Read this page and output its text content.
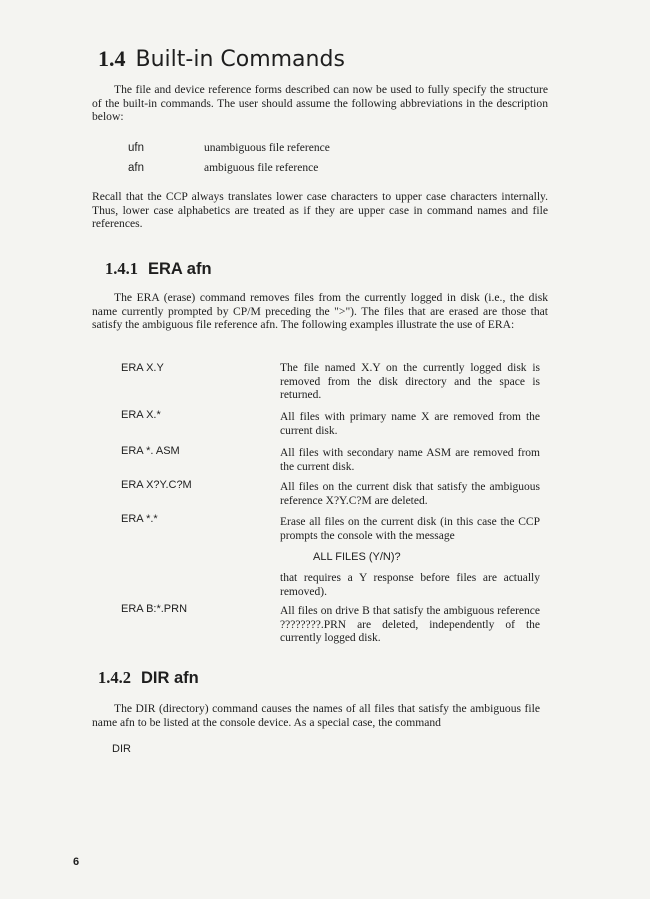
1.4 Built-in Commands

The file and device reference forms described can now be used to fully specify the structure of the built-in commands. The user should assume the following abbreviations in the description below:

ufn	unambiguous file reference
afn	ambiguous file reference

Recall that the CCP always translates lower case characters to upper case characters internally. Thus, lower case alphabetics are treated as if they are upper case in command names and file references.

1.4.1 ERA afn

The ERA (erase) command removes files from the currently logged in disk (i.e., the disk name currently prompted by CP/M preceding the ">"). The files that are erased are those that satisfy the ambiguous file reference afn. The following examples illustrate the use of ERA:

ERA X.Y	The file named X.Y on the currently logged disk is removed from the disk directory and the space is returned.

ERA X.*	All files with primary name X are removed from the current disk.

ERA *. ASM	All files with secondary name ASM are removed from the current disk.

ERA X?Y.C?M	All files on the current disk that satisfy the ambiguous reference X?Y.C?M are deleted.

ERA *.*	Erase all files on the current disk (in this case the CCP prompts the console with the message

ALL FILES (Y/N)?

that requires a Y response before files are actually removed).

ERA B:*.PRN	All files on drive B that satisfy the ambiguous reference ????????.PRN are deleted, independently of the currently logged disk.

1.4.2 DIR afn

The DIR (directory) command causes the names of all files that satisfy the ambiguous file name afn to be listed at the console device. As a special case, the command

DIR
6
